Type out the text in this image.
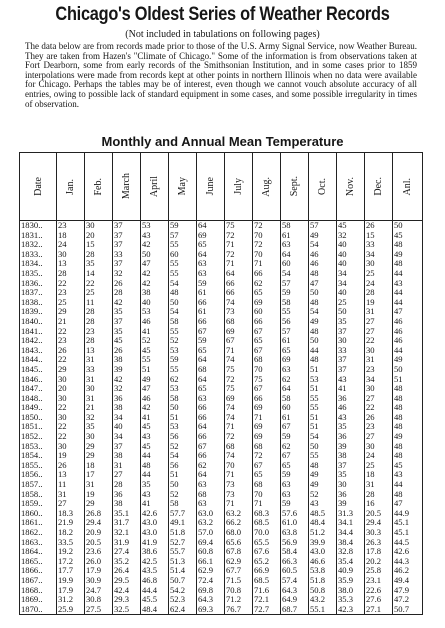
Chicago's Oldest Series of Weather Records
(Not included in tabulations on following pages)
The data below are from records made prior to those of the U.S. Army Signal Service, now Weather Bureau. They are taken from Hazen's "Climate of Chicago." Some of the information is from observations taken at Fort Dearborn, some from early records of the Smithsonian Institution, and in some cases prior to 1859 interpolations were made from records kept at other points in northern Illinois when no data were available for Chicago. Perhaps the tables may be of interest, even though we cannot vouch absolute accuracy of all entries, owing to possible lack of standard equipment in some cases, and some possible irregularity in times of observation.
Monthly and Annual Mean Temperature
Date	Jan.	Feb.	March	April	May	June	July	Aug.	Sept.	Oct.	Nov.	Dec.	Anl.

1830..	23	30	37	53	59	64	75	72	58	57	45	26	50
1831..	18	20	37	43	57	69	72	70	61	49	32	15	45
1832..	24	15	37	42	55	65	71	72	63	54	40	33	48
1833..	30	28	33	50	60	64	72	70	64	46	40	34	49
1834..	13	35	37	47	55	63	71	71	60	46	40	30	48
1835..	28	14	32	42	55	63	64	66	54	48	34	25	44
1836..	22	22	26	42	54	59	66	62	57	47	34	24	43
1837..	23	25	28	38	48	61	66	65	59	50	40	28	44
1838..	25	11	42	40	50	66	74	69	58	48	25	19	44
1839..	29	28	35	53	54	61	73	60	55	54	50	31	47
1840..	21	28	37	46	58	66	68	66	56	49	35	27	46
1841..	22	23	35	41	55	67	69	67	57	48	37	27	46
1842..	23	28	45	52	52	59	67	65	61	50	30	22	46
1843..	26	13	26	45	53	65	71	67	65	44	33	30	44
1844..	22	31	38	55	59	64	74	68	69	48	37	31	49
1845..	29	33	39	51	55	68	75	70	63	51	37	23	50
1846..	30	31	42	49	62	64	72	75	62	53	43	34	51
1847..	20	30	32	47	53	65	75	67	64	51	41	30	48
1848..	30	31	36	46	58	63	69	66	58	55	36	27	48
1849..	22	21	38	42	50	66	74	69	60	55	46	22	48
1850..	30	32	34	41	51	66	74	71	61	51	43	26	48
1851..	22	35	40	45	53	64	71	69	67	51	35	23	48
1852..	22	30	34	43	56	66	72	69	59	54	36	27	49
1853..	30	29	37	45	52	67	68	68	62	50	39	30	48
1854..	19	29	38	44	54	66	74	72	67	55	38	24	48
1855..	26	18	31	48	56	62	70	67	65	48	37	25	45
1856..	13	17	27	44	51	64	71	65	59	49	35	18	43
1857..	11	31	28	35	50	63	73	68	63	49	30	31	44
1858..	31	19	36	43	52	68	73	70	63	52	36	28	48
1859..	27	29	38	41	58	63	71	71	59	43	39	16	47
1860..	18.3	26.8	35.1	42.6	57.7	63.0	63.2	68.3	57.6	48.5	31.3	20.5	44.9
1861..	21.9	29.4	31.7	43.0	49.1	63.2	66.2	68.5	61.0	48.4	34.1	29.4	45.1
1862..	18.2	20.9	32.1	43.0	51.8	57.0	68.0	70.0	63.8	51.2	34.4	30.3	45.1
1863..	33.5	20.5	31.9	41.9	52.7	69.4	65.6	65.5	56.9	39.9	38.4	26.3	44.5
1864..	19.2	23.6	27.4	38.6	55.7	60.8	67.8	67.6	58.4	43.0	32.8	17.8	42.6
1865..	17.2	26.0	35.2	42.5	51.3	66.1	62.9	65.2	66.3	46.6	35.4	20.2	44.3
1866..	17.7	17.9	26.4	43.5	51.4	62.9	67.7	66.9	60.5	53.8	40.9	25.8	46.2
1867..	19.9	30.9	29.5	46.8	50.7	72.4	71.5	68.5	57.4	51.8	35.9	23.1	49.4
1868..	17.9	24.7	42.4	44.4	54.2	69.8	70.8	71.6	64.3	50.8	38.0	22.6	47.9
1869..	31.2	30.8	29.3	45.5	52.3	64.3	71.2	72.1	64.9	43.2	35.3	27.6	47.2
1870..	25.9	27.5	32.5	48.4	62.4	69.3	76.7	72.7	68.7	55.1	42.3	27.1	50.7
